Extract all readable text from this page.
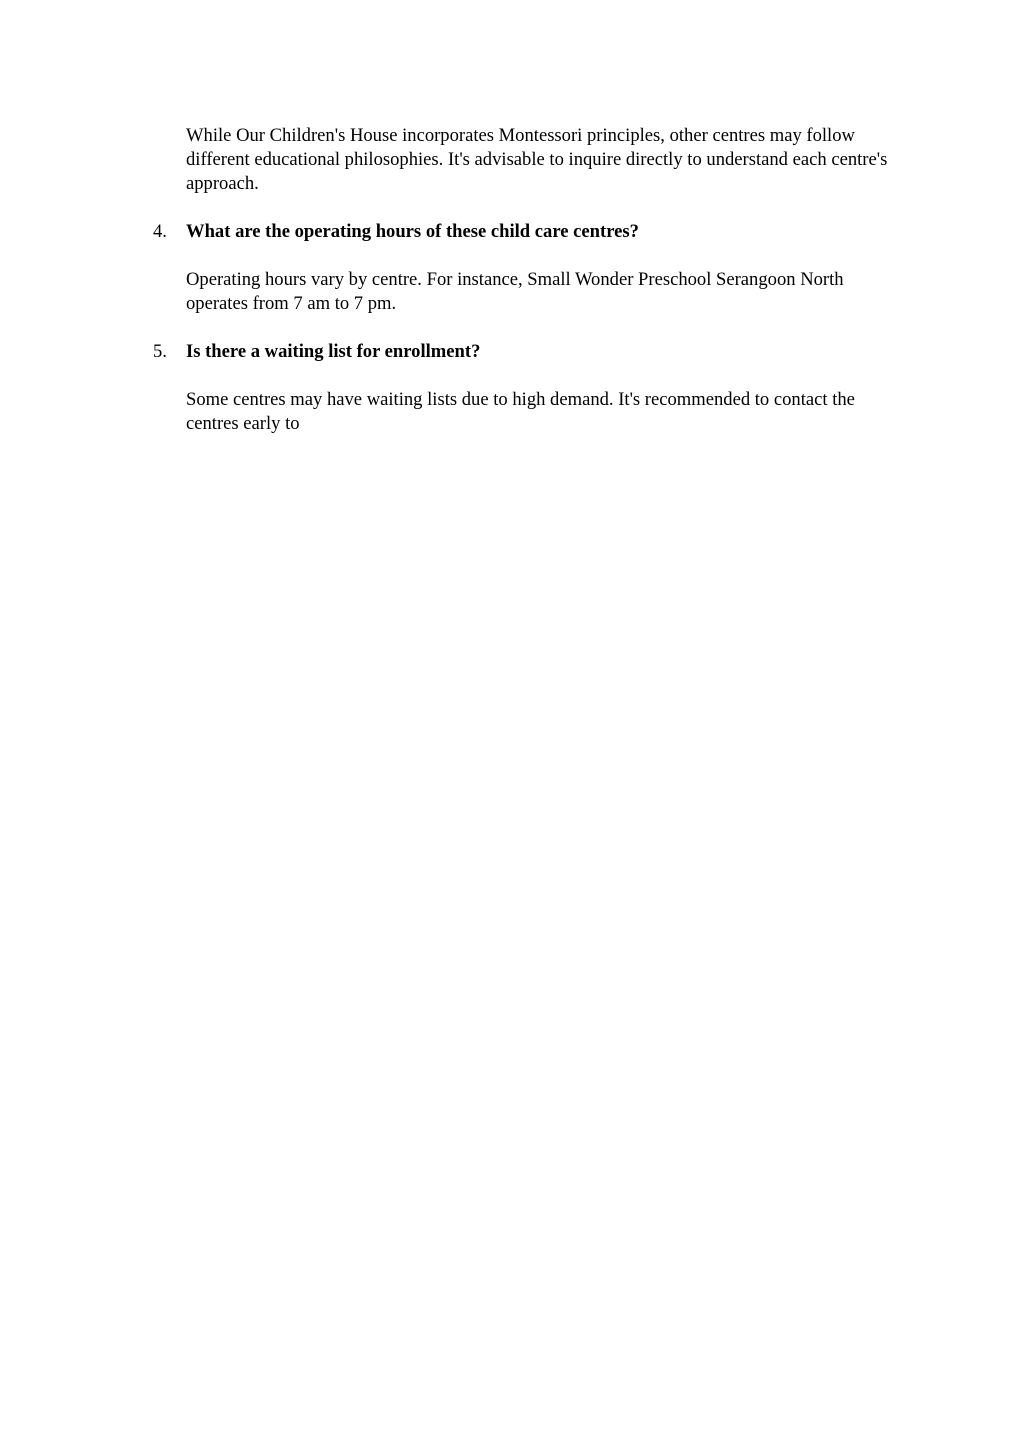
While Our Children's House incorporates Montessori principles, other centres may follow different educational philosophies. It's advisable to inquire directly to understand each centre's approach.

4.	What are the operating hours of these child care centres?

Operating hours vary by centre. For instance, Small Wonder Preschool Serangoon North operates from 7 am to 7 pm.

5.	Is there a waiting list for enrollment?

Some centres may have waiting lists due to high demand. It's recommended to contact the centres early to
